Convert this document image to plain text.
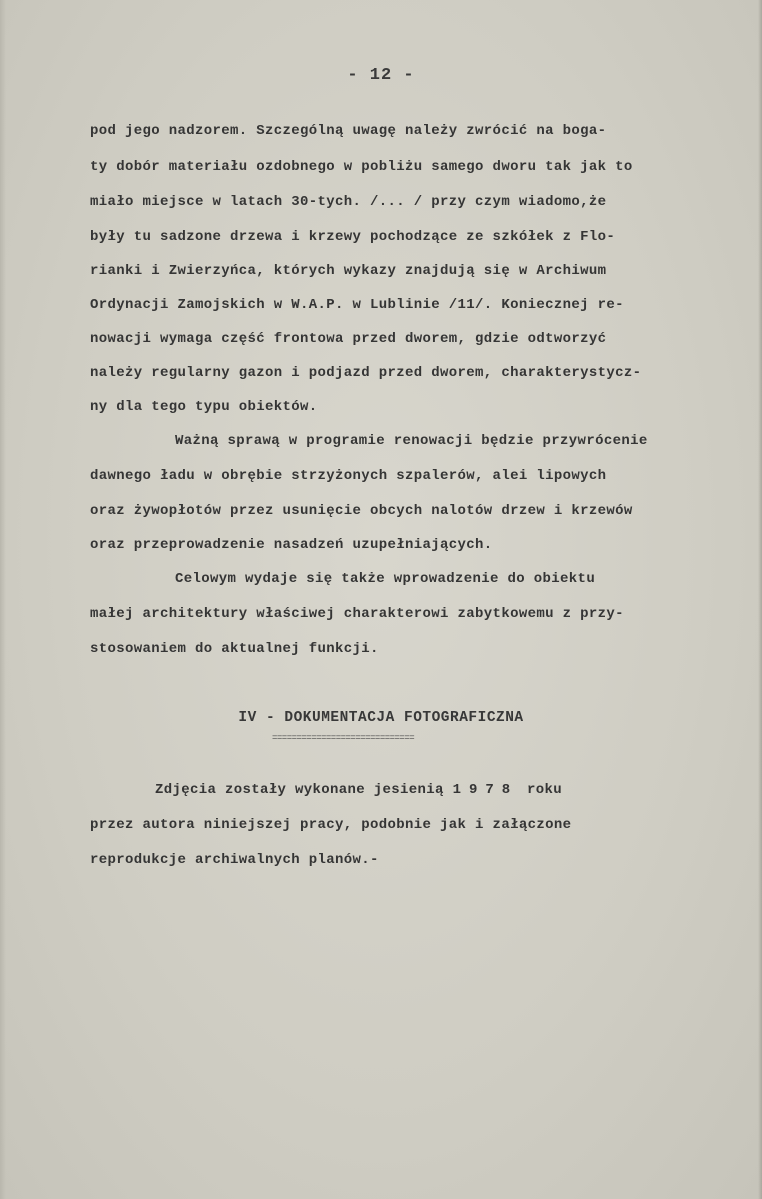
- 12 -
pod jego nadzorem. Szczególną uwagę należy zwrócić na boga-
ty dobór materiału ozdobnego w pobliżu samego dworu tak jak to
miało miejsce w latach 30-tych. /... / przy czym wiadomo,że
były tu sadzone drzewa i krzewy pochodzące ze szkółek z Flo-
rianki i Zwierzyńca, których wykazy znajdują się w Archiwum
Ordynacji Zamojskich w W.A.P. w Lublinie /11/. Koniecznej re-
nowacji wymaga część frontowa przed dworem, gdzie odtworzyć
należy regularny gazon i podjazd przed dworem, charakterystycz-
ny dla tego typu obiektów.
Ważną sprawą w programie renowacji będzie przywrócenie
dawnego ładu w obrębie strzyżonych szpalerów, alei lipowych
oraz żywopłotów przez usunięcie obcych nalotów drzew i krzewów
oraz przeprowadzenie nasadzeń uzupełniających.
Celowym wydaje się także wprowadzenie do obiektu
małej architektury właściwej charakterowi zabytkowemu z przy-
stosowaniem do aktualnej funkcji.
IV - DOKUMENTACJA FOTOGRAFICZNA
=============================
Zdjęcia zostały wykonane jesienią 1978 roku
przez autora niniejszej pracy, podobnie jak i załączone
reprodukcje archiwalnych planów.-
